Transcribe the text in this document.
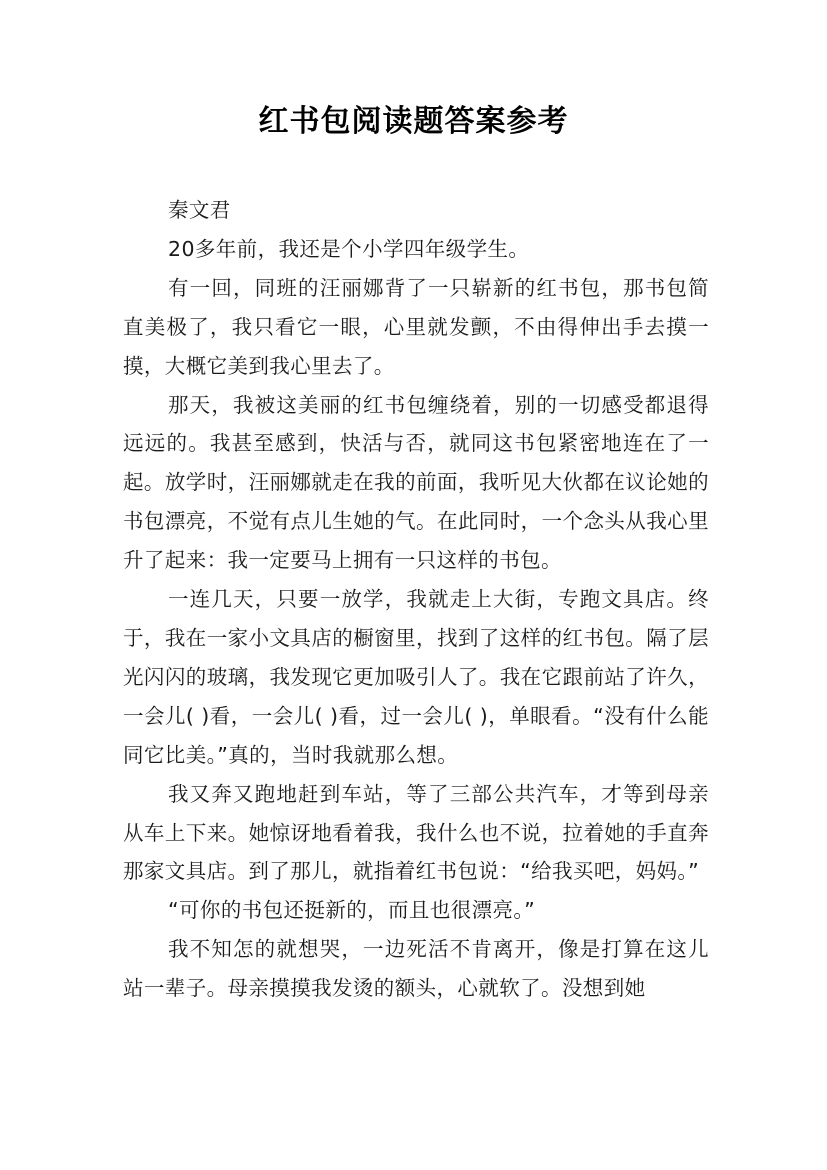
红书包阅读题答案参考

秦文君

20多年前，我还是个小学四年级学生。

有一回，同班的汪丽娜背了一只崭新的红书包，那书包简直美极了，我只看它一眼，心里就发颤，不由得伸出手去摸一摸，大概它美到我心里去了。

那天，我被这美丽的红书包缠绕着，别的一切感受都退得远远的。我甚至感到，快活与否，就同这书包紧密地连在了一起。放学时，汪丽娜就走在我的前面，我听见大伙都在议论她的书包漂亮，不觉有点儿生她的气。在此同时，一个念头从我心里升了起来：我一定要马上拥有一只这样的书包。

一连几天，只要一放学，我就走上大街，专跑文具店。终于，我在一家小文具店的橱窗里，找到了这样的红书包。隔了层光闪闪的玻璃，我发现它更加吸引人了。我在它跟前站了许久，一会儿( )看，一会儿( )看，过一会儿( )，单眼看。“没有什么能同它比美。”真的，当时我就那么想。

我又奔又跑地赶到车站，等了三部公共汽车，才等到母亲从车上下来。她惊讶地看着我，我什么也不说，拉着她的手直奔那家文具店。到了那儿，就指着红书包说：“给我买吧，妈妈。”

“可你的书包还挺新的，而且也很漂亮。”

我不知怎的就想哭，一边死活不肯离开，像是打算在这儿站一辈子。母亲摸摸我发烫的额头，心就软了。没想到她
